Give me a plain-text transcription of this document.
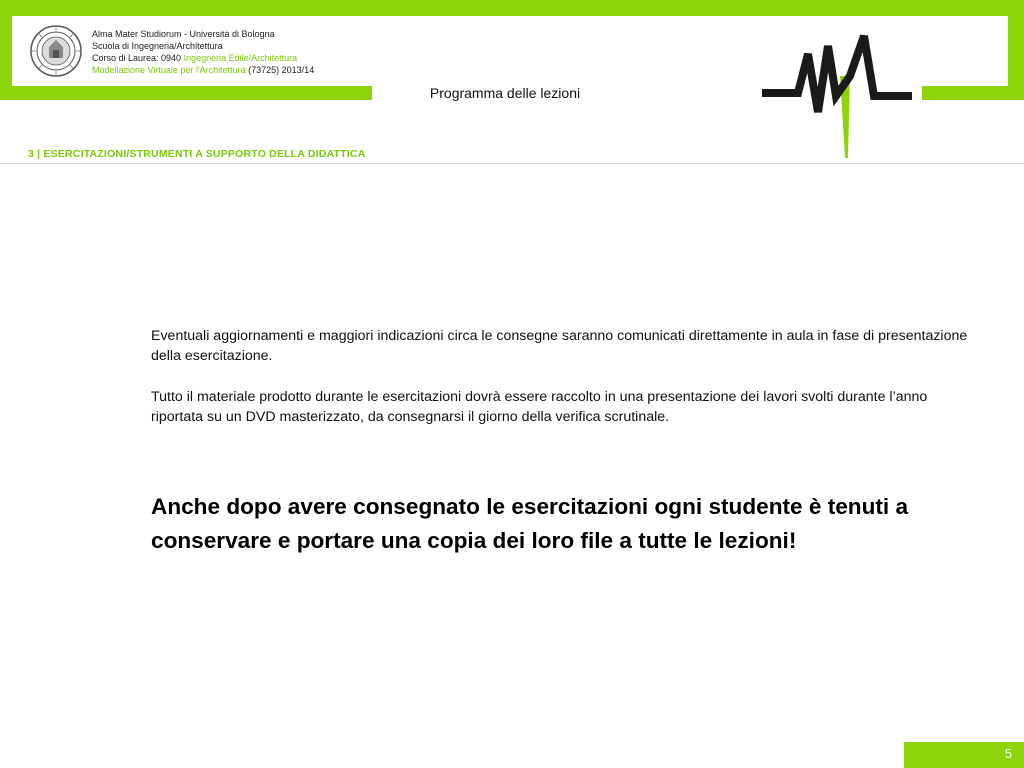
Alma Mater Studiorum - Università di Bologna
Scuola di Ingegneria/Architettura
Corso di Laurea: 0940 Ingegneria Edile/Architettura
Modellazione Virtuale per l'Architettura (73725) 2013/14
Programma delle lezioni
3 | ESERCITAZIONI/STRUMENTI A SUPPORTO DELLA DIDATTICA

Eventuali aggiornamenti e maggiori indicazioni circa le consegne saranno comunicati direttamente in aula in fase di presentazione della esercitazione.

Tutto il materiale prodotto durante le esercitazioni dovrà essere raccolto in una presentazione dei lavori svolti durante l’anno riportata su un DVD masterizzato, da consegnarsi il giorno della verifica scrutinale.

Anche dopo avere consegnato le esercitazioni ogni studente è tenuti a conservare e portare una copia dei loro file a tutte le lezioni!

5
